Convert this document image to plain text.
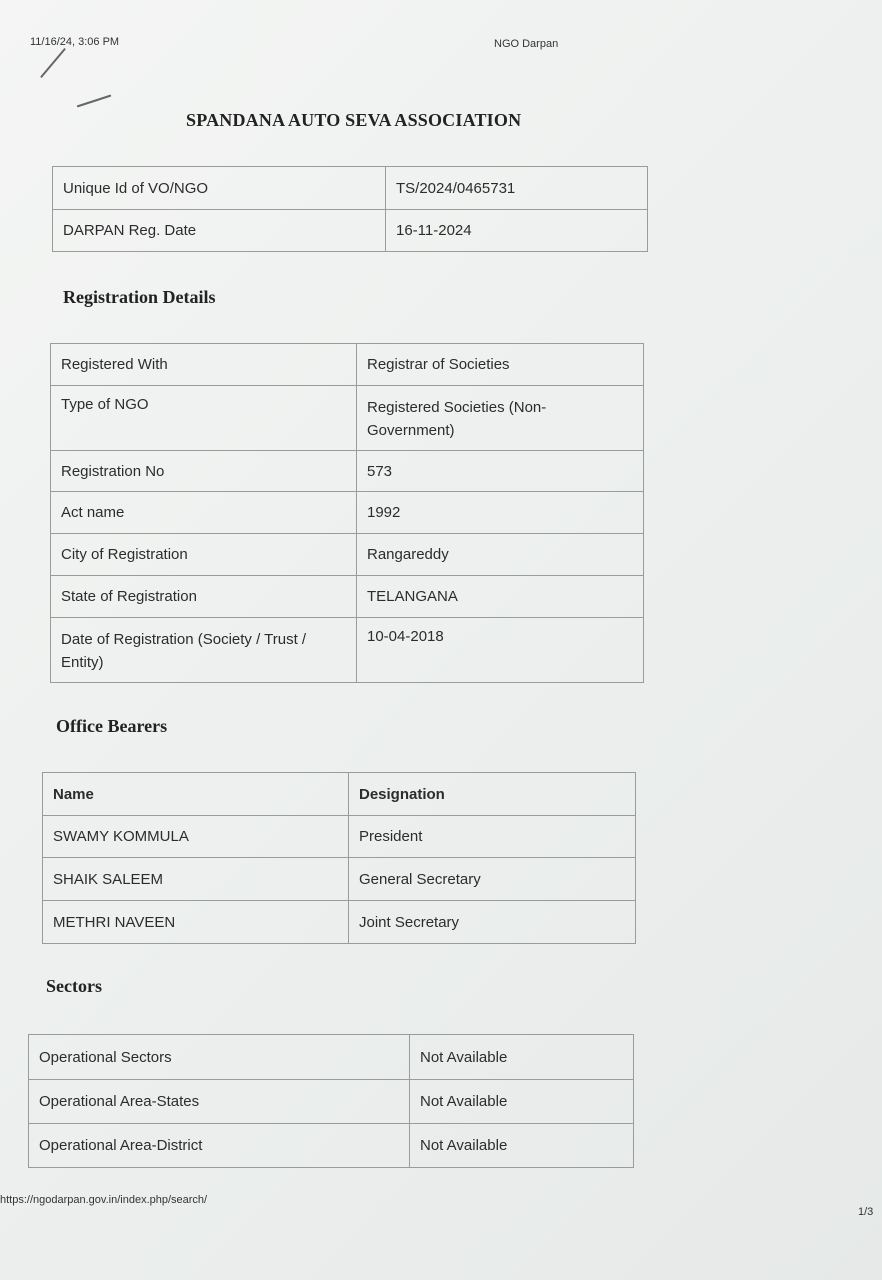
11/16/24, 3:06 PM	NGO Darpan
SPANDANA AUTO SEVA ASSOCIATION
Unique Id of VO/NGO	TS/2024/0465731
DARPAN Reg. Date	16-11-2024
Registration Details
Registered With	Registrar of Societies
Type of NGO	Registered Societies (Non-Government)
Registration No	573
Act name	1992
City of Registration	Rangareddy
State of Registration	TELANGANA
Date of Registration (Society / Trust / Entity)	10-04-2018
Office Bearers
Name	Designation
SWAMY KOMMULA	President
SHAIK SALEEM	General Secretary
METHRI NAVEEN	Joint Secretary
Sectors
Operational Sectors	Not Available
Operational Area-States	Not Available
Operational Area-District	Not Available
https://ngodarpan.gov.in/index.php/search/
1/3
